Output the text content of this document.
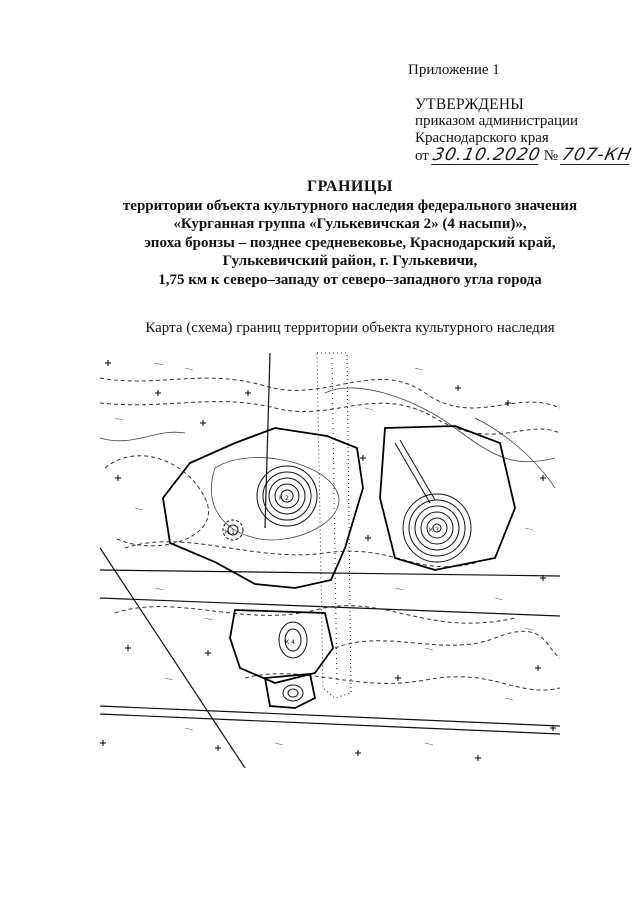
Приложение 1
УТВЕРЖДЕНЫ
приказом администрации
Краснодарского края
от 30.10.2020 № 707-КН
ГРАНИЦЫ
территории объекта культурного наследия федерального значения
«Курганная группа «Гулькевичская 2» (4 насыпи)»,
эпоха бронзы – позднее средневековье, Краснодарский край,
Гулькевичский район, г. Гулькевичи,
1,75 км к северо–западу от северо–западного угла города
Карта (схема) границ территории объекта культурного наследия
К 1
К 2
К 3
К 4
